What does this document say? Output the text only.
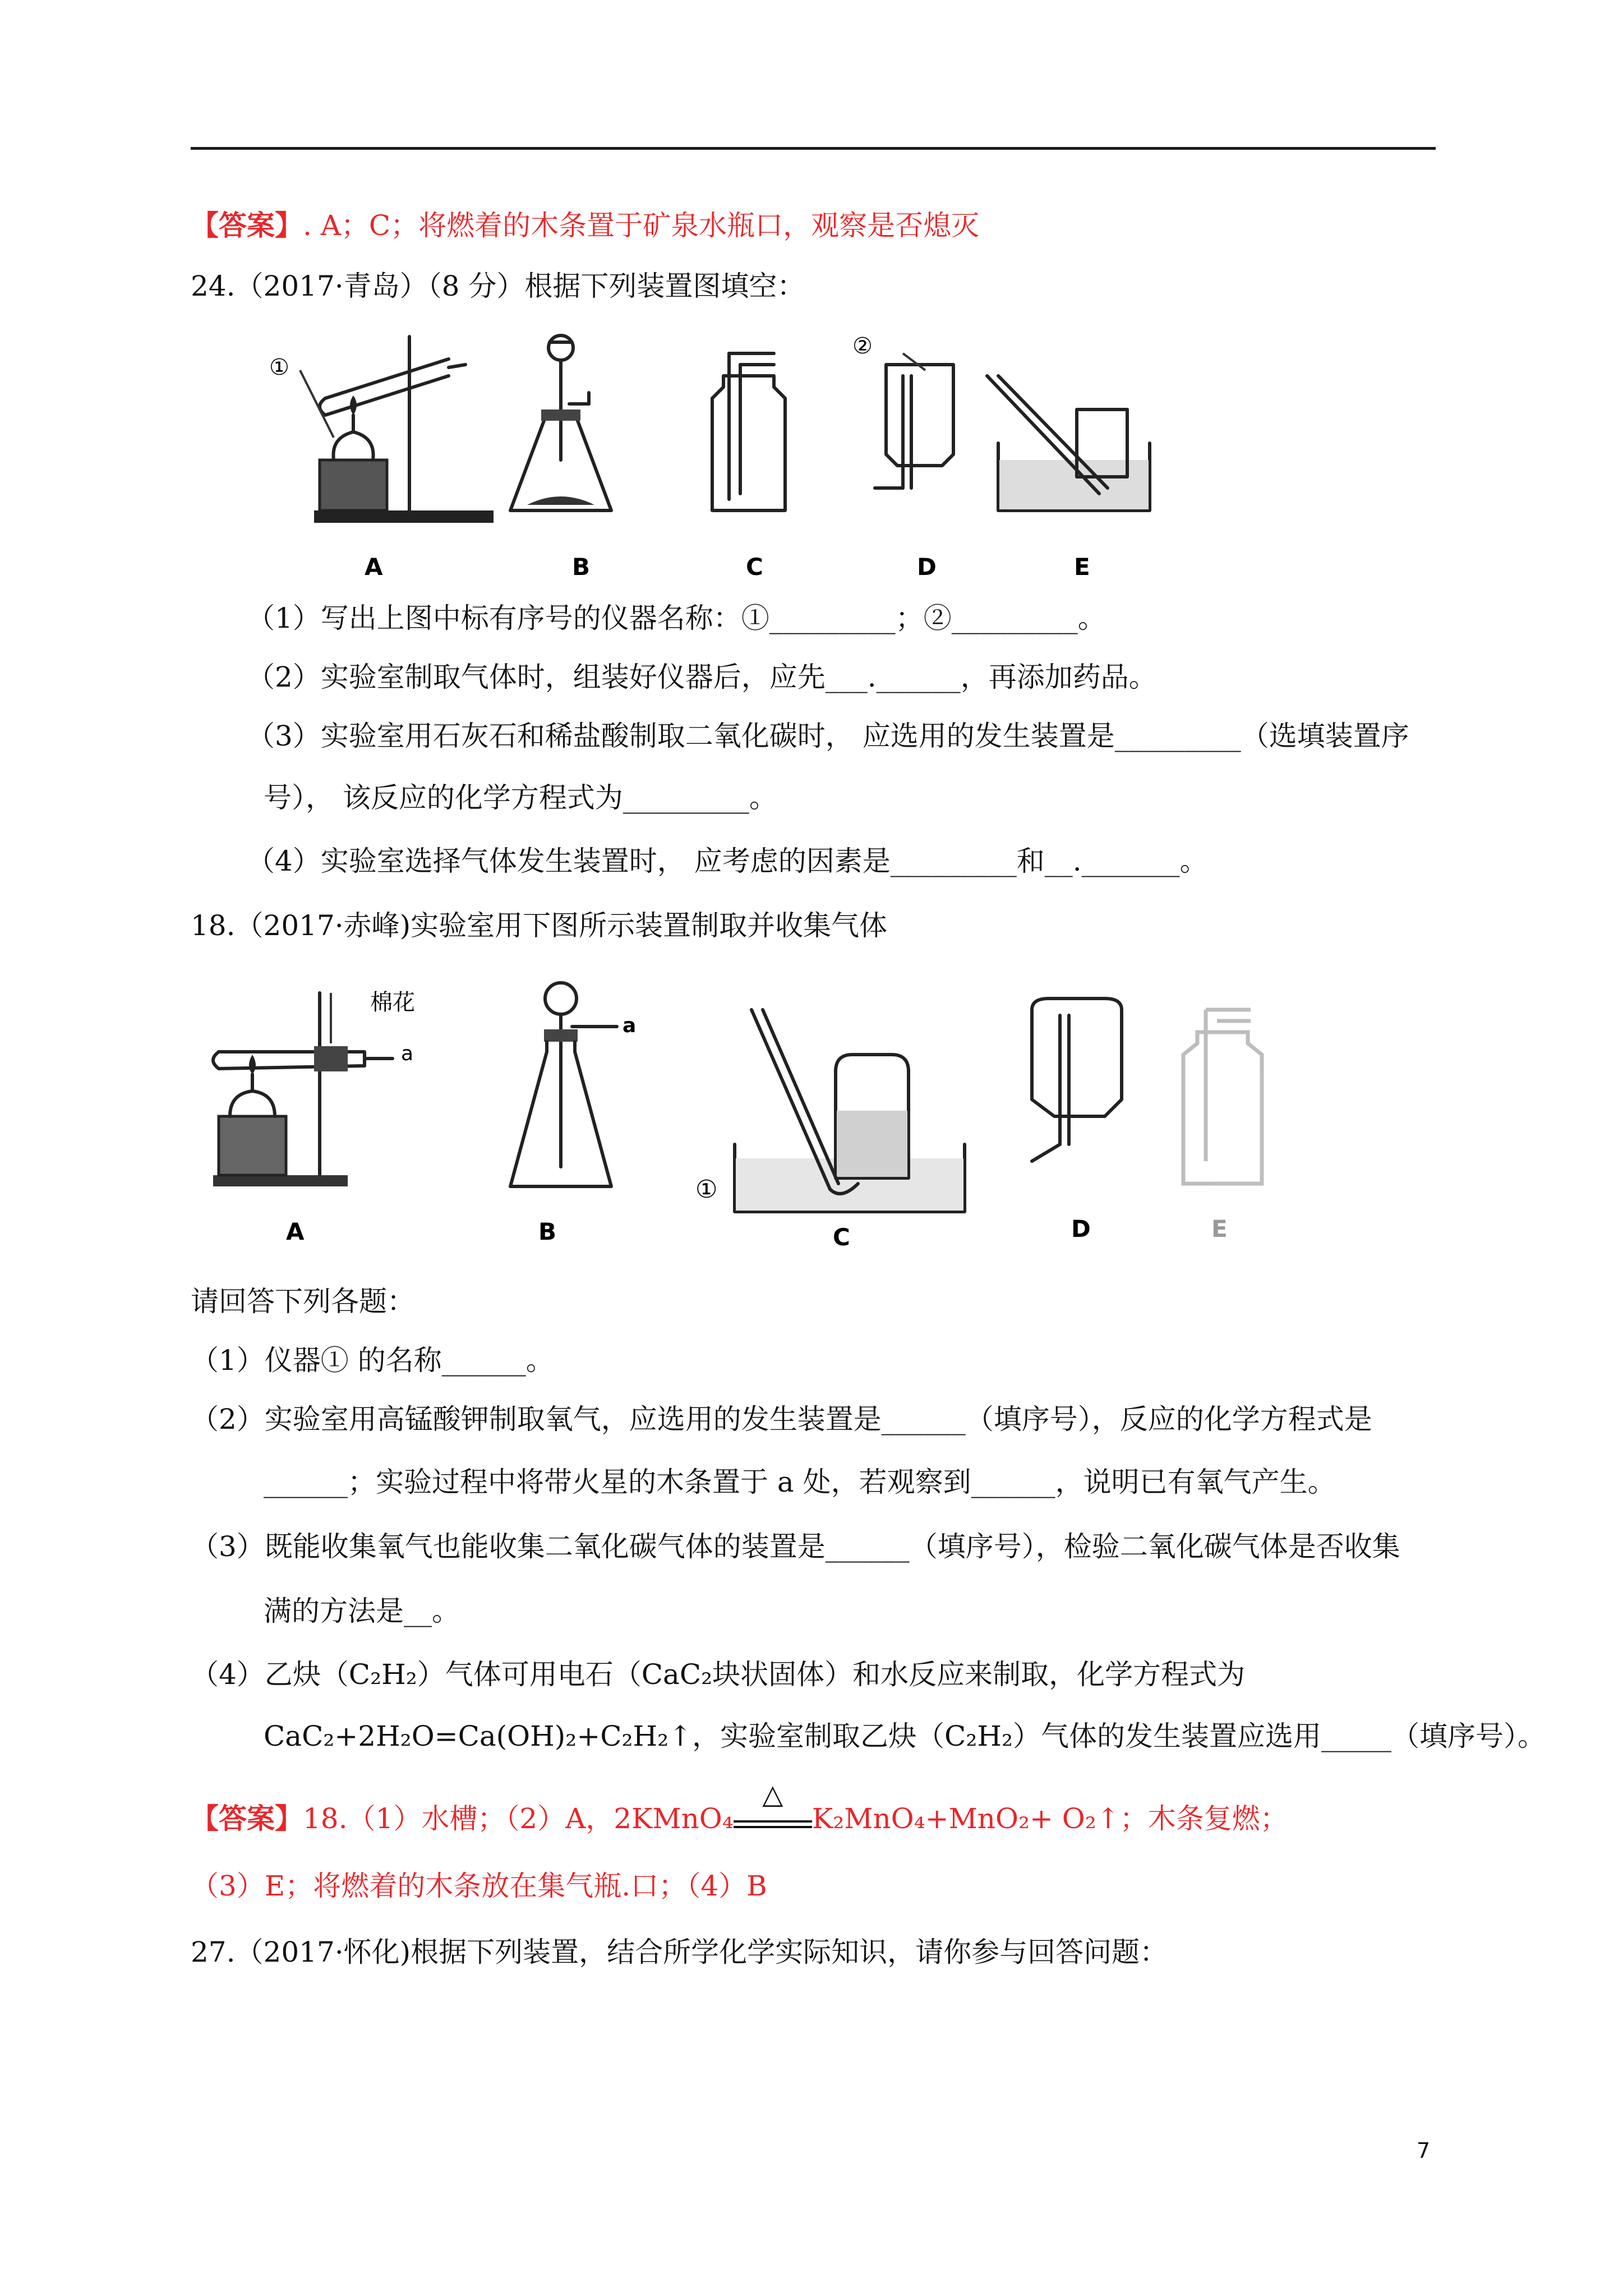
【答案】. A；C；将燃着的木条置于矿泉水瓶口，观察是否熄灭
24.（2017·青岛）（8 分）根据下列装置图填空：
①
②
A	B	C	D	E
（1）写出上图中标有序号的仪器名称：①_________；②_________。
（2）实验室制取气体时，组装好仪器后，应先___.______，再添加药品。
（3）实验室用石灰石和稀盐酸制取二氧化碳时， 应选用的发生装置是_________（选填装置序
号）， 该反应的化学方程式为_________。
（4）实验室选择气体发生装置时， 应考虑的因素是_________和__._______。
18.（2017·赤峰)实验室用下图所示装置制取并收集气体
棉花
a
a
①
A	B	C	D	E
请回答下列各题：
（1）仪器① 的名称______。
（2）实验室用高锰酸钾制取氧气，应选用的发生装置是______（填序号），反应的化学方程式是
______；实验过程中将带火星的木条置于 a 处，若观察到______，说明已有氧气产生。
（3）既能收集氧气也能收集二氧化碳气体的装置是______（填序号），检验二氧化碳气体是否收集
满的方法是__。
（4）乙炔（C₂H₂）气体可用电石（CaC₂块状固体）和水反应来制取，化学方程式为
CaC₂+2H₂O=Ca(OH)₂+C₂H₂↑，实验室制取乙炔（C₂H₂）气体的发生装置应选用_____（填序号）。
【答案】18.（1）水槽；（2）A，2KMnO₄
△
K₂MnO₄+MnO₂+ O₂↑；木条复燃；
（3）E；将燃着的木条放在集气瓶.口；（4）B
27.（2017·怀化)根据下列装置，结合所学化学实际知识，请你参与回答问题：
7
